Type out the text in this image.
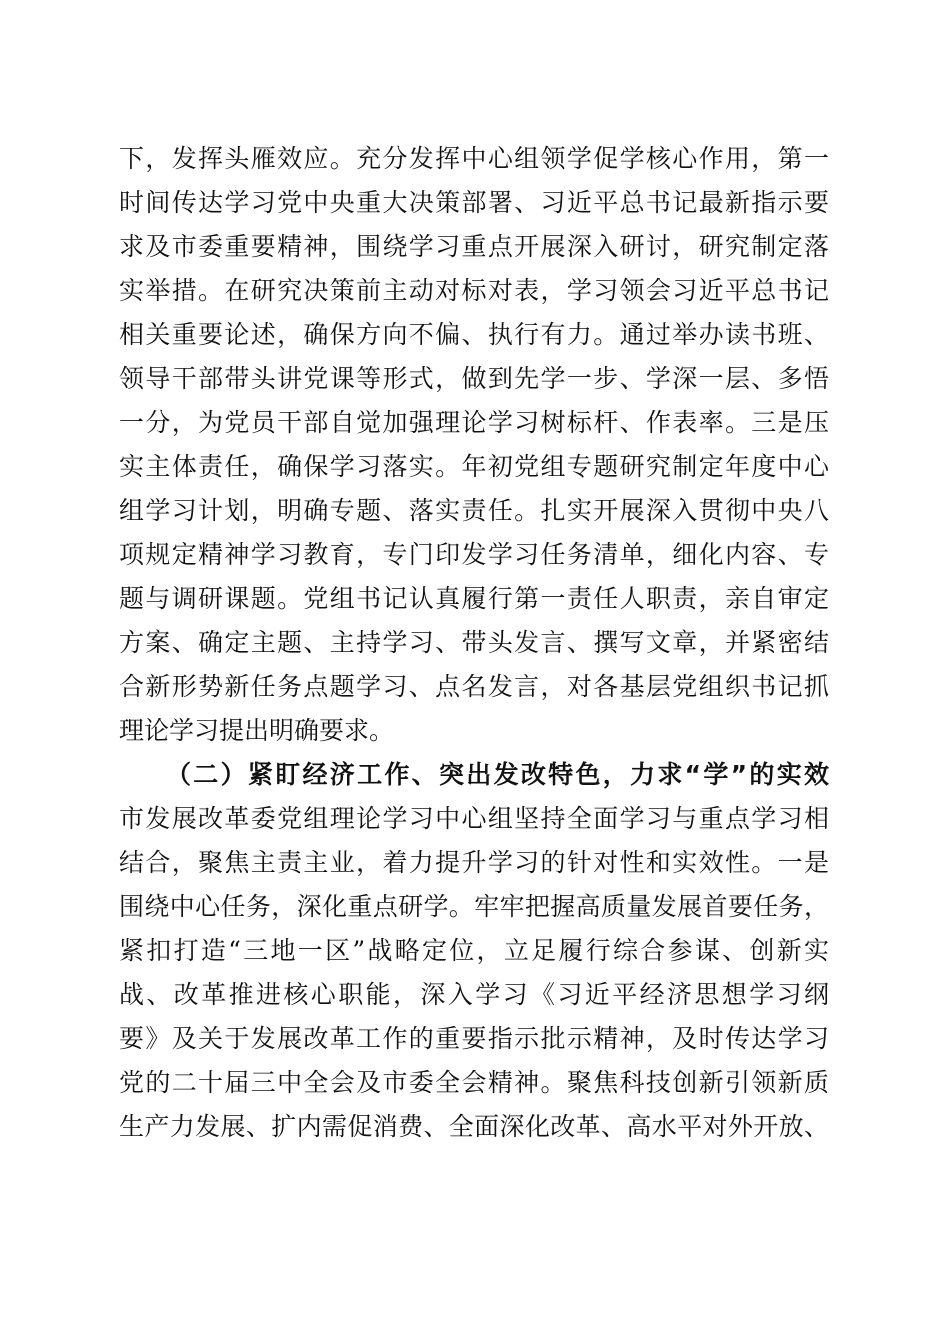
下，发挥头雁效应。充分发挥中心组领学促学核心作用，第一
时间传达学习党中央重大决策部署、习近平总书记最新指示要
求及市委重要精神，围绕学习重点开展深入研讨，研究制定落
实举措。在研究决策前主动对标对表，学习领会习近平总书记
相关重要论述，确保方向不偏、执行有力。通过举办读书班、
领导干部带头讲党课等形式，做到先学一步、学深一层、多悟
一分，为党员干部自觉加强理论学习树标杆、作表率。三是压
实主体责任，确保学习落实。年初党组专题研究制定年度中心
组学习计划，明确专题、落实责任。扎实开展深入贯彻中央八
项规定精神学习教育，专门印发学习任务清单，细化内容、专
题与调研课题。党组书记认真履行第一责任人职责，亲自审定
方案、确定主题、主持学习、带头发言、撰写文章，并紧密结
合新形势新任务点题学习、点名发言，对各基层党组织书记抓
理论学习提出明确要求。
（二）紧盯经济工作、突出发改特色，力求“学”的实效
市发展改革委党组理论学习中心组坚持全面学习与重点学习相
结合，聚焦主责主业，着力提升学习的针对性和实效性。一是
围绕中心任务，深化重点研学。牢牢把握高质量发展首要任务，
紧扣打造“三地一区”战略定位，立足履行综合参谋、创新实
战、改革推进核心职能，深入学习《习近平经济思想学习纲
要》及关于发展改革工作的重要指示批示精神，及时传达学习
党的二十届三中全会及市委全会精神。聚焦科技创新引领新质
生产力发展、扩内需促消费、全面深化改革、高水平对外开放、
